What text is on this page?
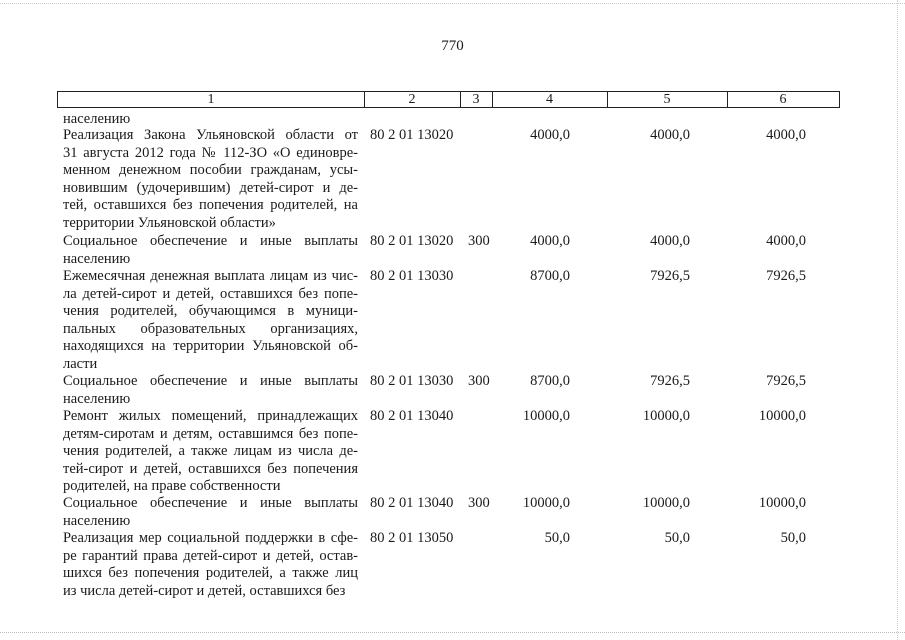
770
1	2	3	4	5	6
населению
Реализация Закона Ульяновской области от
31 августа 2012 года № 112-ЗО «О единовре-
менном денежном пособии гражданам, усы-
новившим (удочерившим) детей-сирот и де-
тей, оставшихся без попечения родителей, на
территории Ульяновской области»
80 2 01 13020	4000,0	4000,0	4000,0
Социальное обеспечение и иные выплаты
населению
80 2 01 13020 300	4000,0	4000,0	4000,0
Ежемесячная денежная выплата лицам из чис-
ла детей-сирот и детей, оставшихся без попе-
чения родителей, обучающимся в муници-
пальных образовательных организациях,
находящихся на территории Ульяновской об-
ласти
80 2 01 13030	8700,0	7926,5	7926,5
Социальное обеспечение и иные выплаты
населению
80 2 01 13030 300	8700,0	7926,5	7926,5
Ремонт жилых помещений, принадлежащих
детям-сиротам и детям, оставшимся без попе-
чения родителей, а также лицам из числа де-
тей-сирот и детей, оставшихся без попечения
родителей, на праве собственности
80 2 01 13040	10000,0	10000,0	10000,0
Социальное обеспечение и иные выплаты
населению
80 2 01 13040 300	10000,0	10000,0	10000,0
Реализация мер социальной поддержки в сфе-
ре гарантий права детей-сирот и детей, остав-
шихся без попечения родителей, а также лиц
из числа детей-сирот и детей, оставшихся без
80 2 01 13050	50,0	50,0	50,0
